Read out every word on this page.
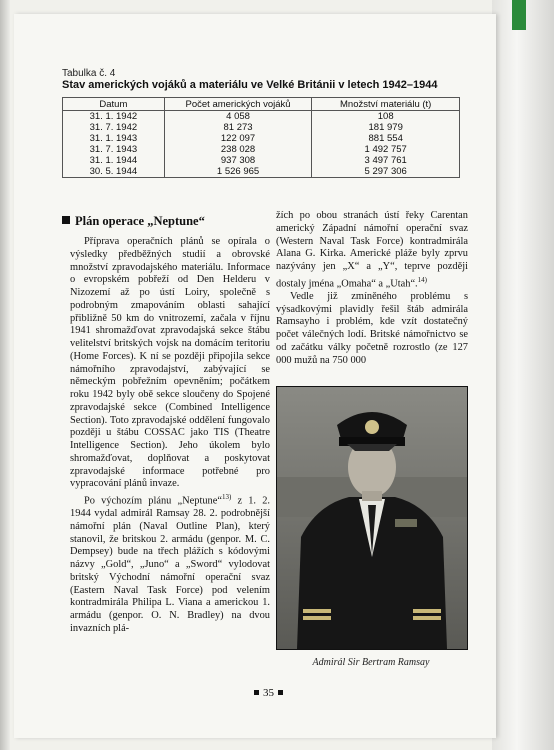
Tabulka č. 4
Stav amerických vojáků a materiálu ve Velké Británii v letech 1942–1944
Datum	Počet amerických vojáků	Množství materiálu (t)
31. 1. 1942	4 058	108
31. 7. 1942	81 273	181 979
31. 1. 1943	122 097	881 554
31. 7. 1943	238 028	1 492 757
31. 1. 1944	937 308	3 497 761
30. 5. 1944	1 526 965	5 297 306
Plán operace „Neptune“

Příprava operačních plánů se opírala o výsledky předběžných studií a obrovské množství zpravodajského materiálu. Informace o evropském pobřeží od Den Helderu v Nizozemí až po ústí Loiry, společně s podrobným zmapováním oblasti sahající přibližně 50 km do vnitrozemí, začala v říjnu 1941 shromažďovat zpravodajská sekce štábu velitelství britských vojsk na domácím teritoriu (Home Forces). K ní se později připojila sekce námořního zpravodajství, zabývající se německým pobřežním opevněním; počátkem roku 1942 byly obě sekce sloučeny do Spojené zpravodajské sekce (Combined Intelligence Section). Toto zpravodajské oddělení fungovalo později u štábu COSSAC jako TIS (Theatre Intelligence Section). Jeho úkolem bylo shromažďovat, doplňovat a poskytovat zpravodajské informace potřebné pro vypracování plánů invaze.

Po výchozím plánu „Neptune“$^{13)}$ z 1. 2. 1944 vydal admirál Ramsay 28. 2. podrobnější námořní plán (Naval Outline Plan), který stanovil, že britskou 2. armádu (genpor. M. C. Dempsey) bude na třech plážích s kódovými názvy „Gold“, „Juno“ a „Sword“ vylodovat britský Východní námořní operační svaz (Eastern Naval Task Force) pod velením kontradmirála Philipa L. Viana a americkou 1. armádu (genpor. O. N. Bradley) na dvou invazních plá-

žích po obou stranách ústí řeky Carentan americký Západní námořní operační svaz (Western Naval Task Force) kontradmirála Alana G. Kirka. Americké pláže byly zprvu nazývány jen „X“ a „Y“, teprve později dostaly jména „Omaha“ a „Utah“.$^{14)}$

Vedle již zmíněného problému s výsadkovými plavidly řešil štáb admirála Ramsayho i problém, kde vzít dostatečný počet válečných lodí. Britské námořnictvo se od začátku války početně rozrostlo (ze 127 000 mužů na 750 000

Admirál Sir Bertram Ramsay
35
